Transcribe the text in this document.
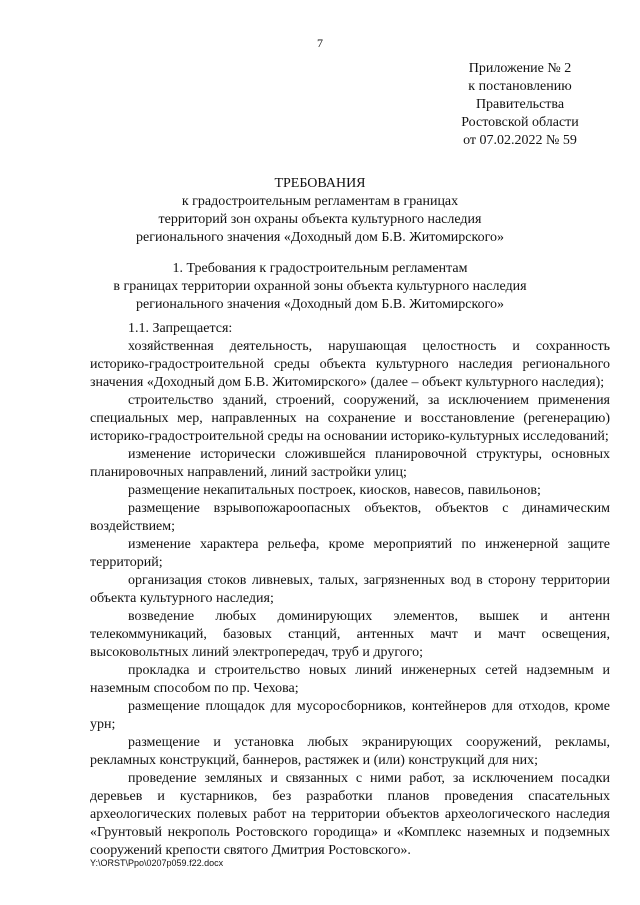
7
Приложение № 2
к постановлению
Правительства
Ростовской области
от 07.02.2022 № 59
ТРЕБОВАНИЯ
к градостроительным регламентам в границах
территорий зон охраны объекта культурного наследия
регионального значения «Доходный дом Б.В. Житомирского»
1. Требования к градостроительным регламентам
в границах территории охранной зоны объекта культурного наследия
регионального значения «Доходный дом Б.В. Житомирского»

1.1. Запрещается:

хозяйственная деятельность, нарушающая целостность и сохранность историко-градостроительной среды объекта культурного наследия регионального значения «Доходный дом Б.В. Житомирского» (далее – объект культурного наследия);

строительство зданий, строений, сооружений, за исключением применения специальных мер, направленных на сохранение и восстановление (регенерацию) историко-градостроительной среды на основании историко-культурных исследований;

изменение исторически сложившейся планировочной структуры, основных планировочных направлений, линий застройки улиц;

размещение некапитальных построек, киосков, навесов, павильонов;

размещение взрывопожароопасных объектов, объектов с динамическим воздействием;

изменение характера рельефа, кроме мероприятий по инженерной защите территорий;

организация стоков ливневых, талых, загрязненных вод в сторону территории объекта культурного наследия;

возведение любых доминирующих элементов, вышек и антенн телекоммуникаций, базовых станций, антенных мачт и мачт освещения, высоковольтных линий электропередач, труб и другого;

прокладка и строительство новых линий инженерных сетей надземным и наземным способом по пр. Чехова;

размещение площадок для мусоросборников, контейнеров для отходов, кроме урн;

размещение и установка любых экранирующих сооружений, рекламы, рекламных конструкций, баннеров, растяжек и (или) конструкций для них;

проведение земляных и связанных с ними работ, за исключением посадки деревьев и кустарников, без разработки планов проведения спасательных археологических полевых работ на территории объектов археологического наследия «Грунтовый некрополь Ростовского городища» и «Комплекс наземных и подземных сооружений крепости святого Дмитрия Ростовского».

Y:\ORST\Ppo\0207p059.f22.docx
